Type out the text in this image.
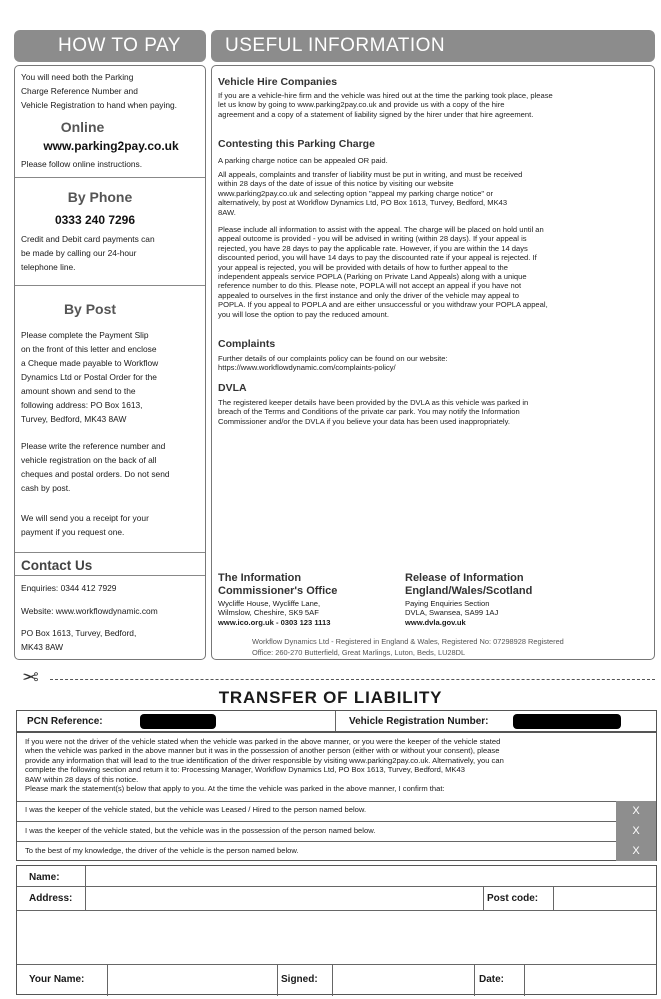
HOW TO PAY	USEFUL INFORMATION
You will need both the Parking
Charge Reference Number and
Vehicle Registration to hand when paying.
Online
www.parking2pay.co.uk
Please follow online instructions.
By Phone
0333 240 7296
Credit and Debit card payments can
be made by calling our 24-hour
telephone line.
By Post
Please complete the Payment Slip
on the front of this letter and enclose
a Cheque made payable to Workflow
Dynamics Ltd or Postal Order for the
amount shown and send to the
following address: PO Box 1613,
Turvey, Bedford, MK43 8AW
Please write the reference number and
vehicle registration on the back of all
cheques and postal orders. Do not send
cash by post.
We will send you a receipt for your
payment if you request one.
Contact Us
Enquiries: 0344 412 7929
Website: www.workflowdynamic.com
PO Box 1613, Turvey, Bedford,
MK43 8AW
Vehicle Hire Companies
If you are a vehicle-hire firm and the vehicle was hired out at the time the parking took place, please
let us know by going to www.parking2pay.co.uk and provide us with a copy of the hire
agreement and a copy of a statement of liability signed by the hirer under that hire agreement.
Contesting this Parking Charge
A parking charge notice can be appealed OR paid.
All appeals, complaints and transfer of liability must be put in writing, and must be received
within 28 days of the date of issue of this notice by visiting our website
www.parking2pay.co.uk and selecting option "appeal my parking charge notice" or
alternatively, by post at Workflow Dynamics Ltd, PO Box 1613, Turvey, Bedford, MK43
8AW.
Please include all information to assist with the appeal. The charge will be placed on hold until an
appeal outcome is provided - you will be advised in writing (within 28 days). If your appeal is
rejected, you have 28 days to pay the applicable rate. However, if you are within the 14 days
discounted period, you will have 14 days to pay the discounted rate if your appeal is rejected. If
your appeal is rejected, you will be provided with details of how to further appeal to the
independent appeals service POPLA (Parking on Private Land Appeals) along with a unique
reference number to do this. Please note, POPLA will not accept an appeal if you have not
appealed to ourselves in the first instance and only the driver of the vehicle may appeal to
POPLA. If you appeal to POPLA and are either unsuccessful or you withdraw your POPLA appeal,
you will lose the option to pay the reduced amount.
Complaints
Further details of our complaints policy can be found on our website:
https://www.workflowdynamic.com/complaints-policy/
DVLA
The registered keeper details have been provided by the DVLA as this vehicle was parked in
breach of the Terms and Conditions of the private car park. You may notify the Information
Commissioner and/or the DVLA if you believe your data has been used inappropriately.
The Information
Commissioner's Office
Wycliffe House, Wycliffe Lane,
Wilmslow, Cheshire, SK9 5AF
www.ico.org.uk - 0303 123 1113
Release of Information
England/Wales/Scotland
Paying Enquiries Section
DVLA, Swansea, SA99 1AJ
www.dvla.gov.uk
Workflow Dynamics Ltd - Registered in England & Wales, Registered No: 07298928 Registered
Office: 260-270 Butterfield, Great Marlings, Luton, Beds, LU28DL
✂
TRANSFER OF LIABILITY
PCN Reference:	Vehicle Registration Number:
If you were not the driver of the vehicle stated when the vehicle was parked in the above manner, or you were the keeper of the vehicle stated
when the vehicle was parked in the above manner but it was in the possession of another person (either with or without your consent), please
provide any information that will lead to the true identification of the driver responsible by visiting www.parking2pay.co.uk. Alternatively, you can
complete the following section and return it to: Processing Manager, Workflow Dynamics Ltd, PO Box 1613, Turvey, Bedford, MK43
8AW within 28 days of this notice.
Please mark the statement(s) below that apply to you. At the time the vehicle was parked in the above manner, I confirm that:
I was the keeper of the vehicle stated, but the vehicle was Leased / Hired to the person named below.	X
I was the keeper of the vehicle stated, but the vehicle was in the possession of the person named below.	X
To the best of my knowledge, the driver of the vehicle is the person named below.	X
Name:
Address:	Post code:
Your Name:	Signed:	Date:
